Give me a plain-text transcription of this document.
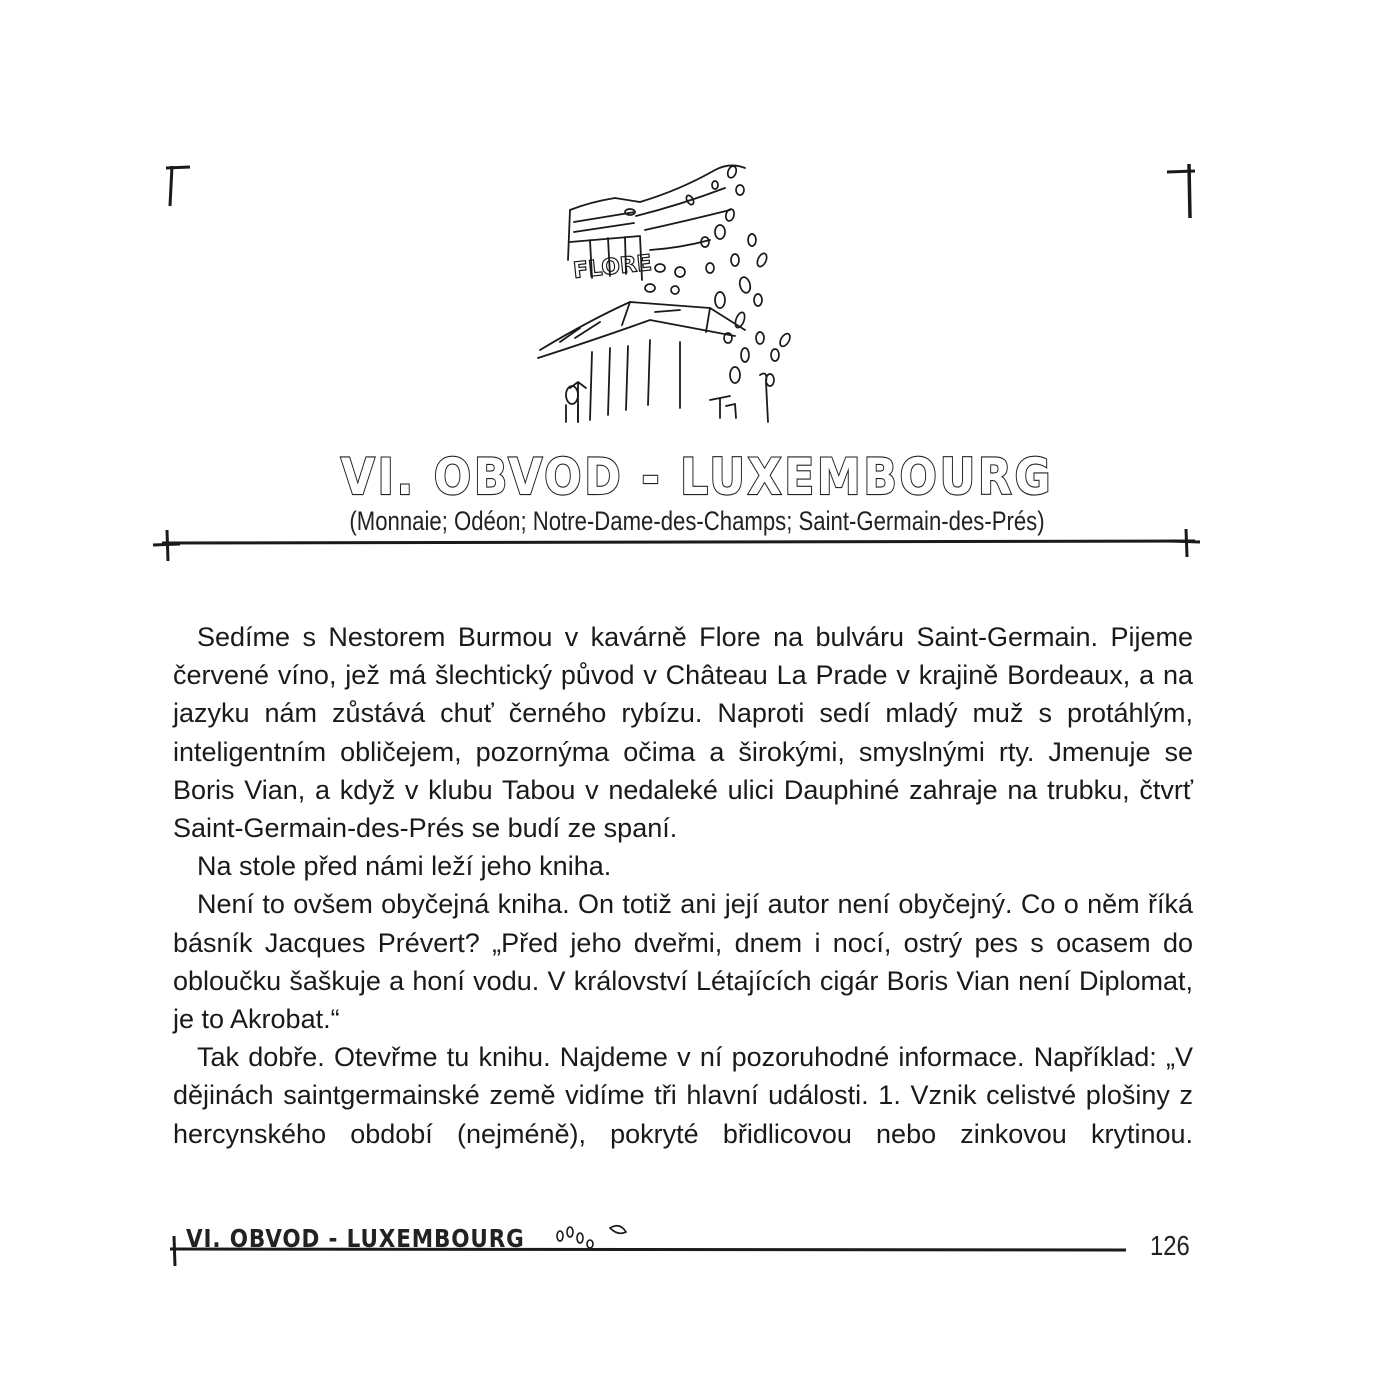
FLORE
VI. OBVOD - LUXEMBOURG
(Monnaie; Odéon; Notre-Dame-des-Champs; Saint-Germain-des-Prés)

Sedíme s Nestorem Burmou v kavárně Flore na bulváru Saint-Germain. Pijeme červené víno, jež má šlechtický původ v Château La Prade v krajině Bordeaux, a na jazyku nám zůstává chuť černého rybízu. Naproti sedí mladý muž s protáhlým, inteligentním obličejem, pozornýma očima a širokými, smyslnými rty. Jmenuje se Boris Vian, a když v klubu Tabou v nedaleké ulici Dauphiné zahraje na trubku, čtvrť Saint-Germain-des-Prés se budí ze spaní.

Na stole před námi leží jeho kniha.

Není to ovšem obyčejná kniha. On totiž ani její autor není obyčejný. Co o něm říká básník Jacques Prévert? „Před jeho dveřmi, dnem i nocí, ostrý pes s ocasem do obloučku šaškuje a honí vodu. V království Létajících cigár Boris Vian není Diplomat, je to Akrobat.“

Tak dobře. Otevřme tu knihu. Najdeme v ní pozoruhodné informace. Například: „V dějinách saintgermainské země vidíme tři hlavní události. 1. Vznik celistvé plošiny z hercynského období (nejméně), pokryté břidlicovou nebo zinkovou krytinou.

VI. OBVOD - LUXEMBOURG	126
